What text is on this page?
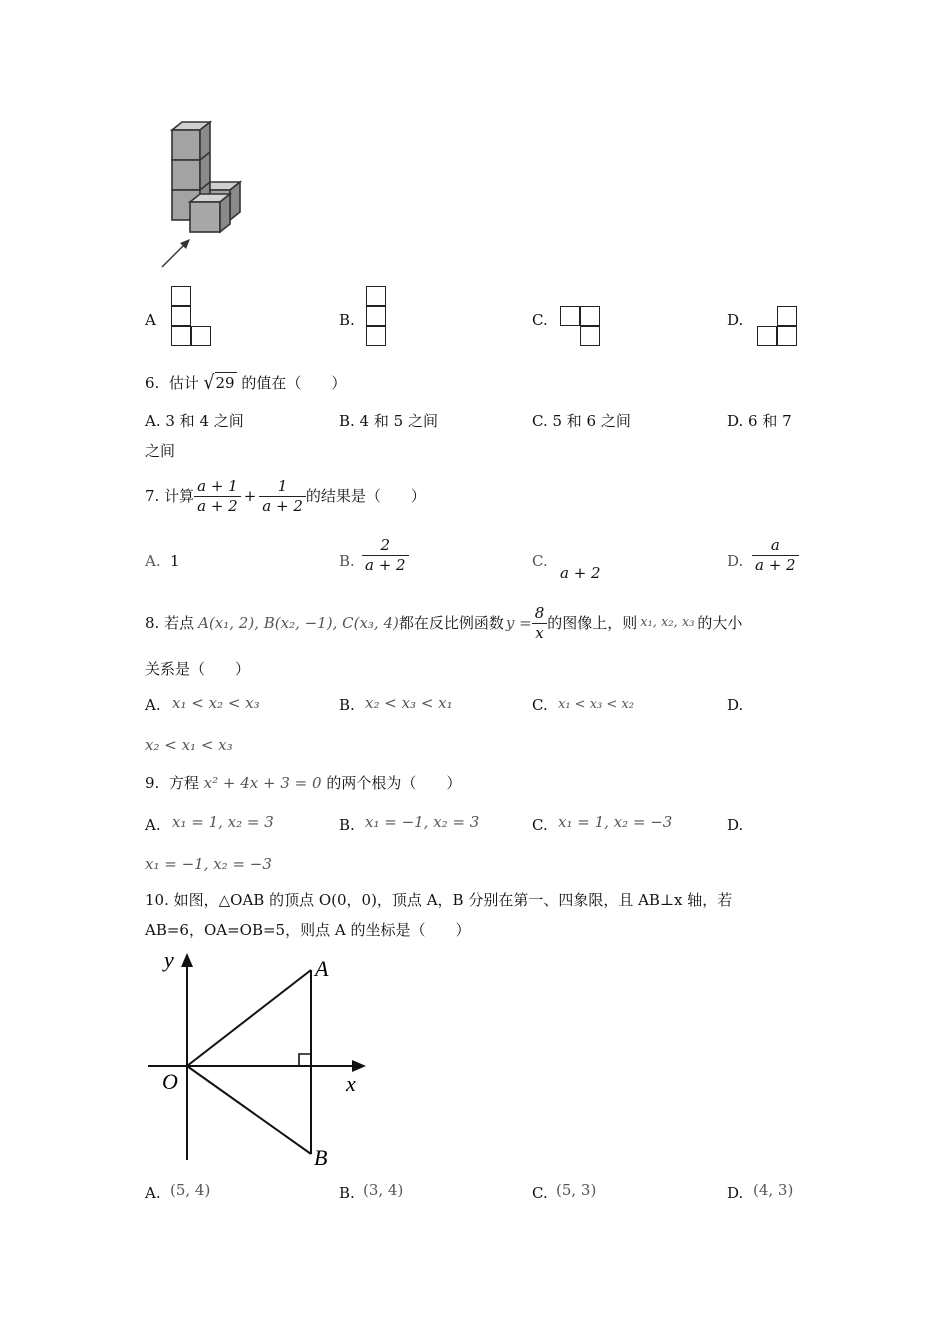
A	B.	C.	D.
6. 估计 √29 的值在（　　）
A. 3 和 4 之间	B. 4 和 5 之间	C. 5 和 6 之间	D. 6 和 7
之间
7.
计算 $\frac{a + 1}{a + 2} + \frac{1}{a + 2}$ 的结果是（　　）
A. 1	B. $\frac{2}{a + 2}$	C.
a + 2
D. $\frac{a}{a + 2}$
8.
若点 A(x₁, 2), B(x₂, −1), C(x₃, 4) 都在反比例函数 $y = \frac{8}{x}$ 的图像上，则 x₁, x₂, x₃ 的大小
关系是（　　）
A. x₁ < x₂ < x₃	B. x₂ < x₃ < x₁	C. x₁ < x₃ < x₂	D.
x₂ < x₁ < x₃
9. 方程 x² + 4x + 3 = 0 的两个根为（　　）
A. x₁ = 1, x₂ = 3	B. x₁ = −1, x₂ = 3	C. x₁ = 1, x₂ = −3	D.
x₁ = −1, x₂ = −3
10. 如图，△OAB 的顶点 O(0，0)，顶点 A，B 分别在第一、四象限，且 AB⊥x 轴，若
AB=6，OA=OB=5，则点 A 的坐标是（　　）
y
x
O
A
B
A. (5, 4)	B. (3, 4)	C. (5, 3)	D. (4, 3)
